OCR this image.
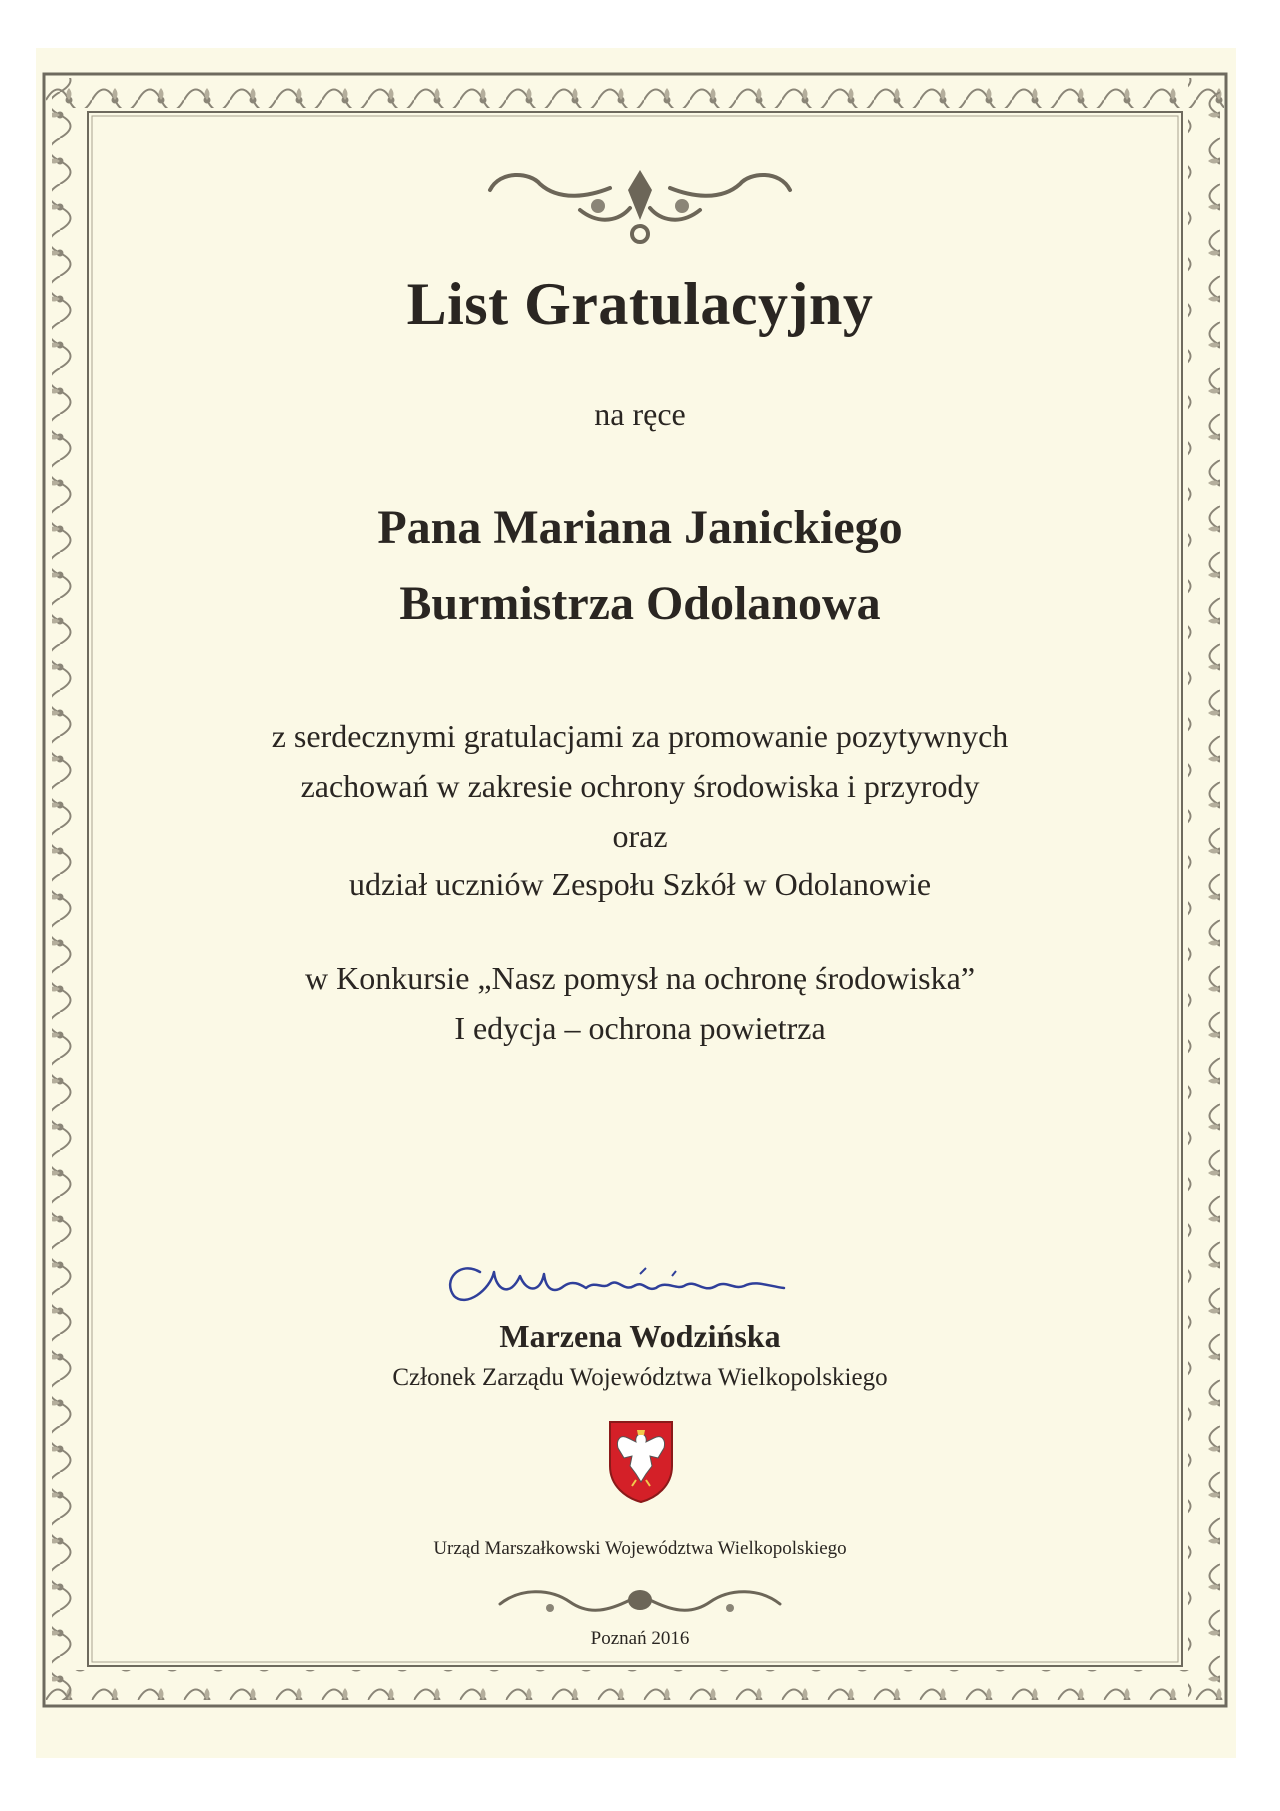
List Gratulacyjny

na ręce

Pana Mariana Janickiego

Burmistrza Odolanowa

z serdecznymi gratulacjami za promowanie pozytywnych

zachowań w zakresie ochrony środowiska i przyrody

oraz

udział uczniów Zespołu Szkół w Odolanowie

w Konkursie „Nasz pomysł na ochronę środowiska”

I edycja – ochrona powietrza

Marzena Wodzińska

Członek Zarządu Województwa Wielkopolskiego

Urząd Marszałkowski Województwa Wielkopolskiego

Poznań 2016
